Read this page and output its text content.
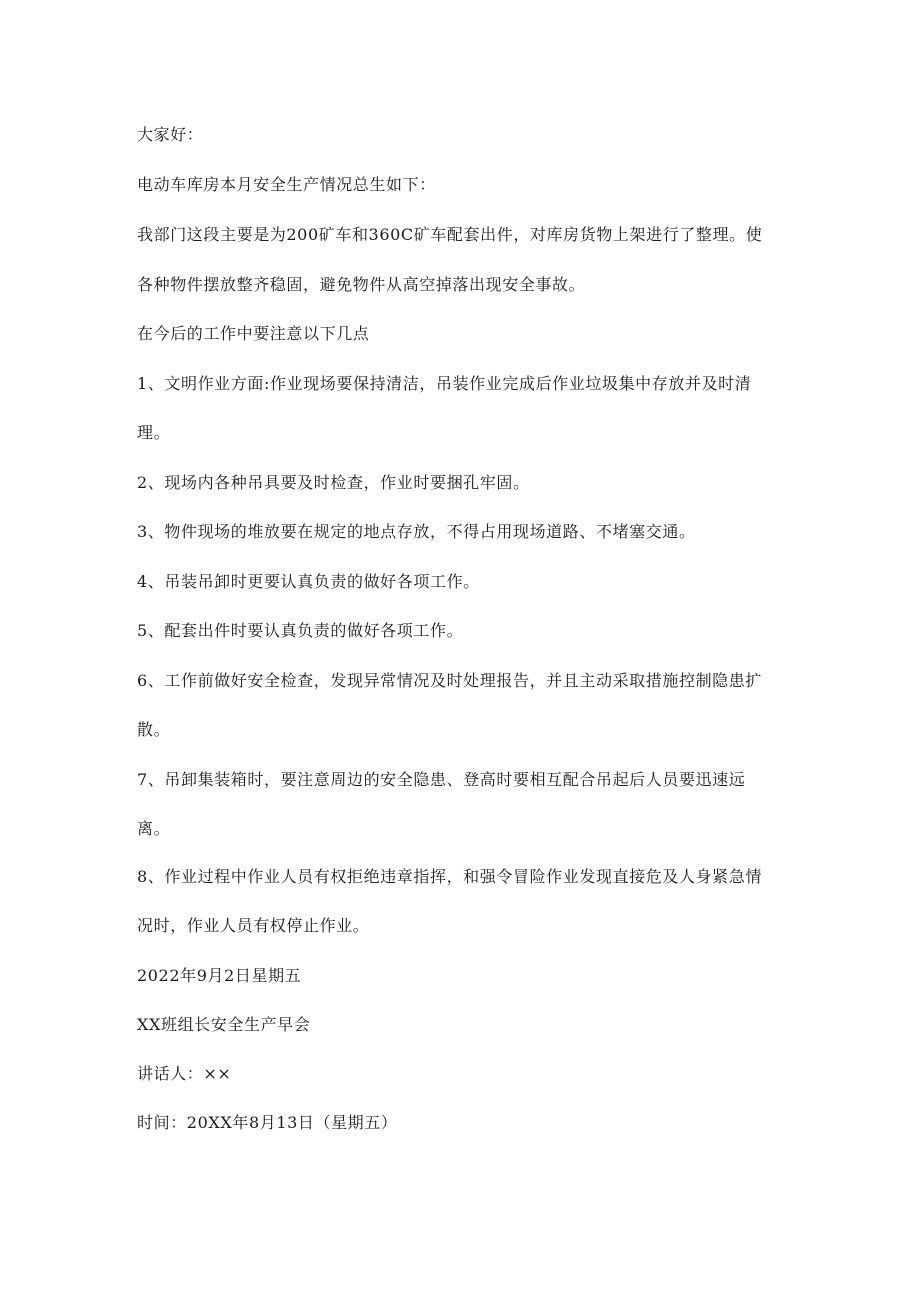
大家好：
电动车库房本月安全生产情况总生如下：
我部门这段主要是为200矿车和360C矿车配套出件，对库房货物上架进行了整理。使
各种物件摆放整齐稳固，避免物件从高空掉落出现安全事故。
在今后的工作中要注意以下几点
1、文明作业方面:作业现场要保持清洁，吊装作业完成后作业垃圾集中存放并及时清
理。
2、现场内各种吊具要及时检查，作业时要捆孔牢固。
3、物件现场的堆放要在规定的地点存放，不得占用现场道路、不堵塞交通。
4、吊装吊卸时更要认真负责的做好各项工作。
5、配套出件时要认真负责的做好各项工作。
6、工作前做好安全检查，发现异常情况及时处理报告，并且主动采取措施控制隐患扩
散。
7、吊卸集装箱时，要注意周边的安全隐患、登高时要相互配合吊起后人员要迅速远
离。
8、作业过程中作业人员有权拒绝违章指挥，和强令冒险作业发现直接危及人身紧急情
况时，作业人员有权停止作业。
2022年9月2日星期五
XX班组长安全生产早会
讲话人：××
时间：20XX年8月13日（星期五）
